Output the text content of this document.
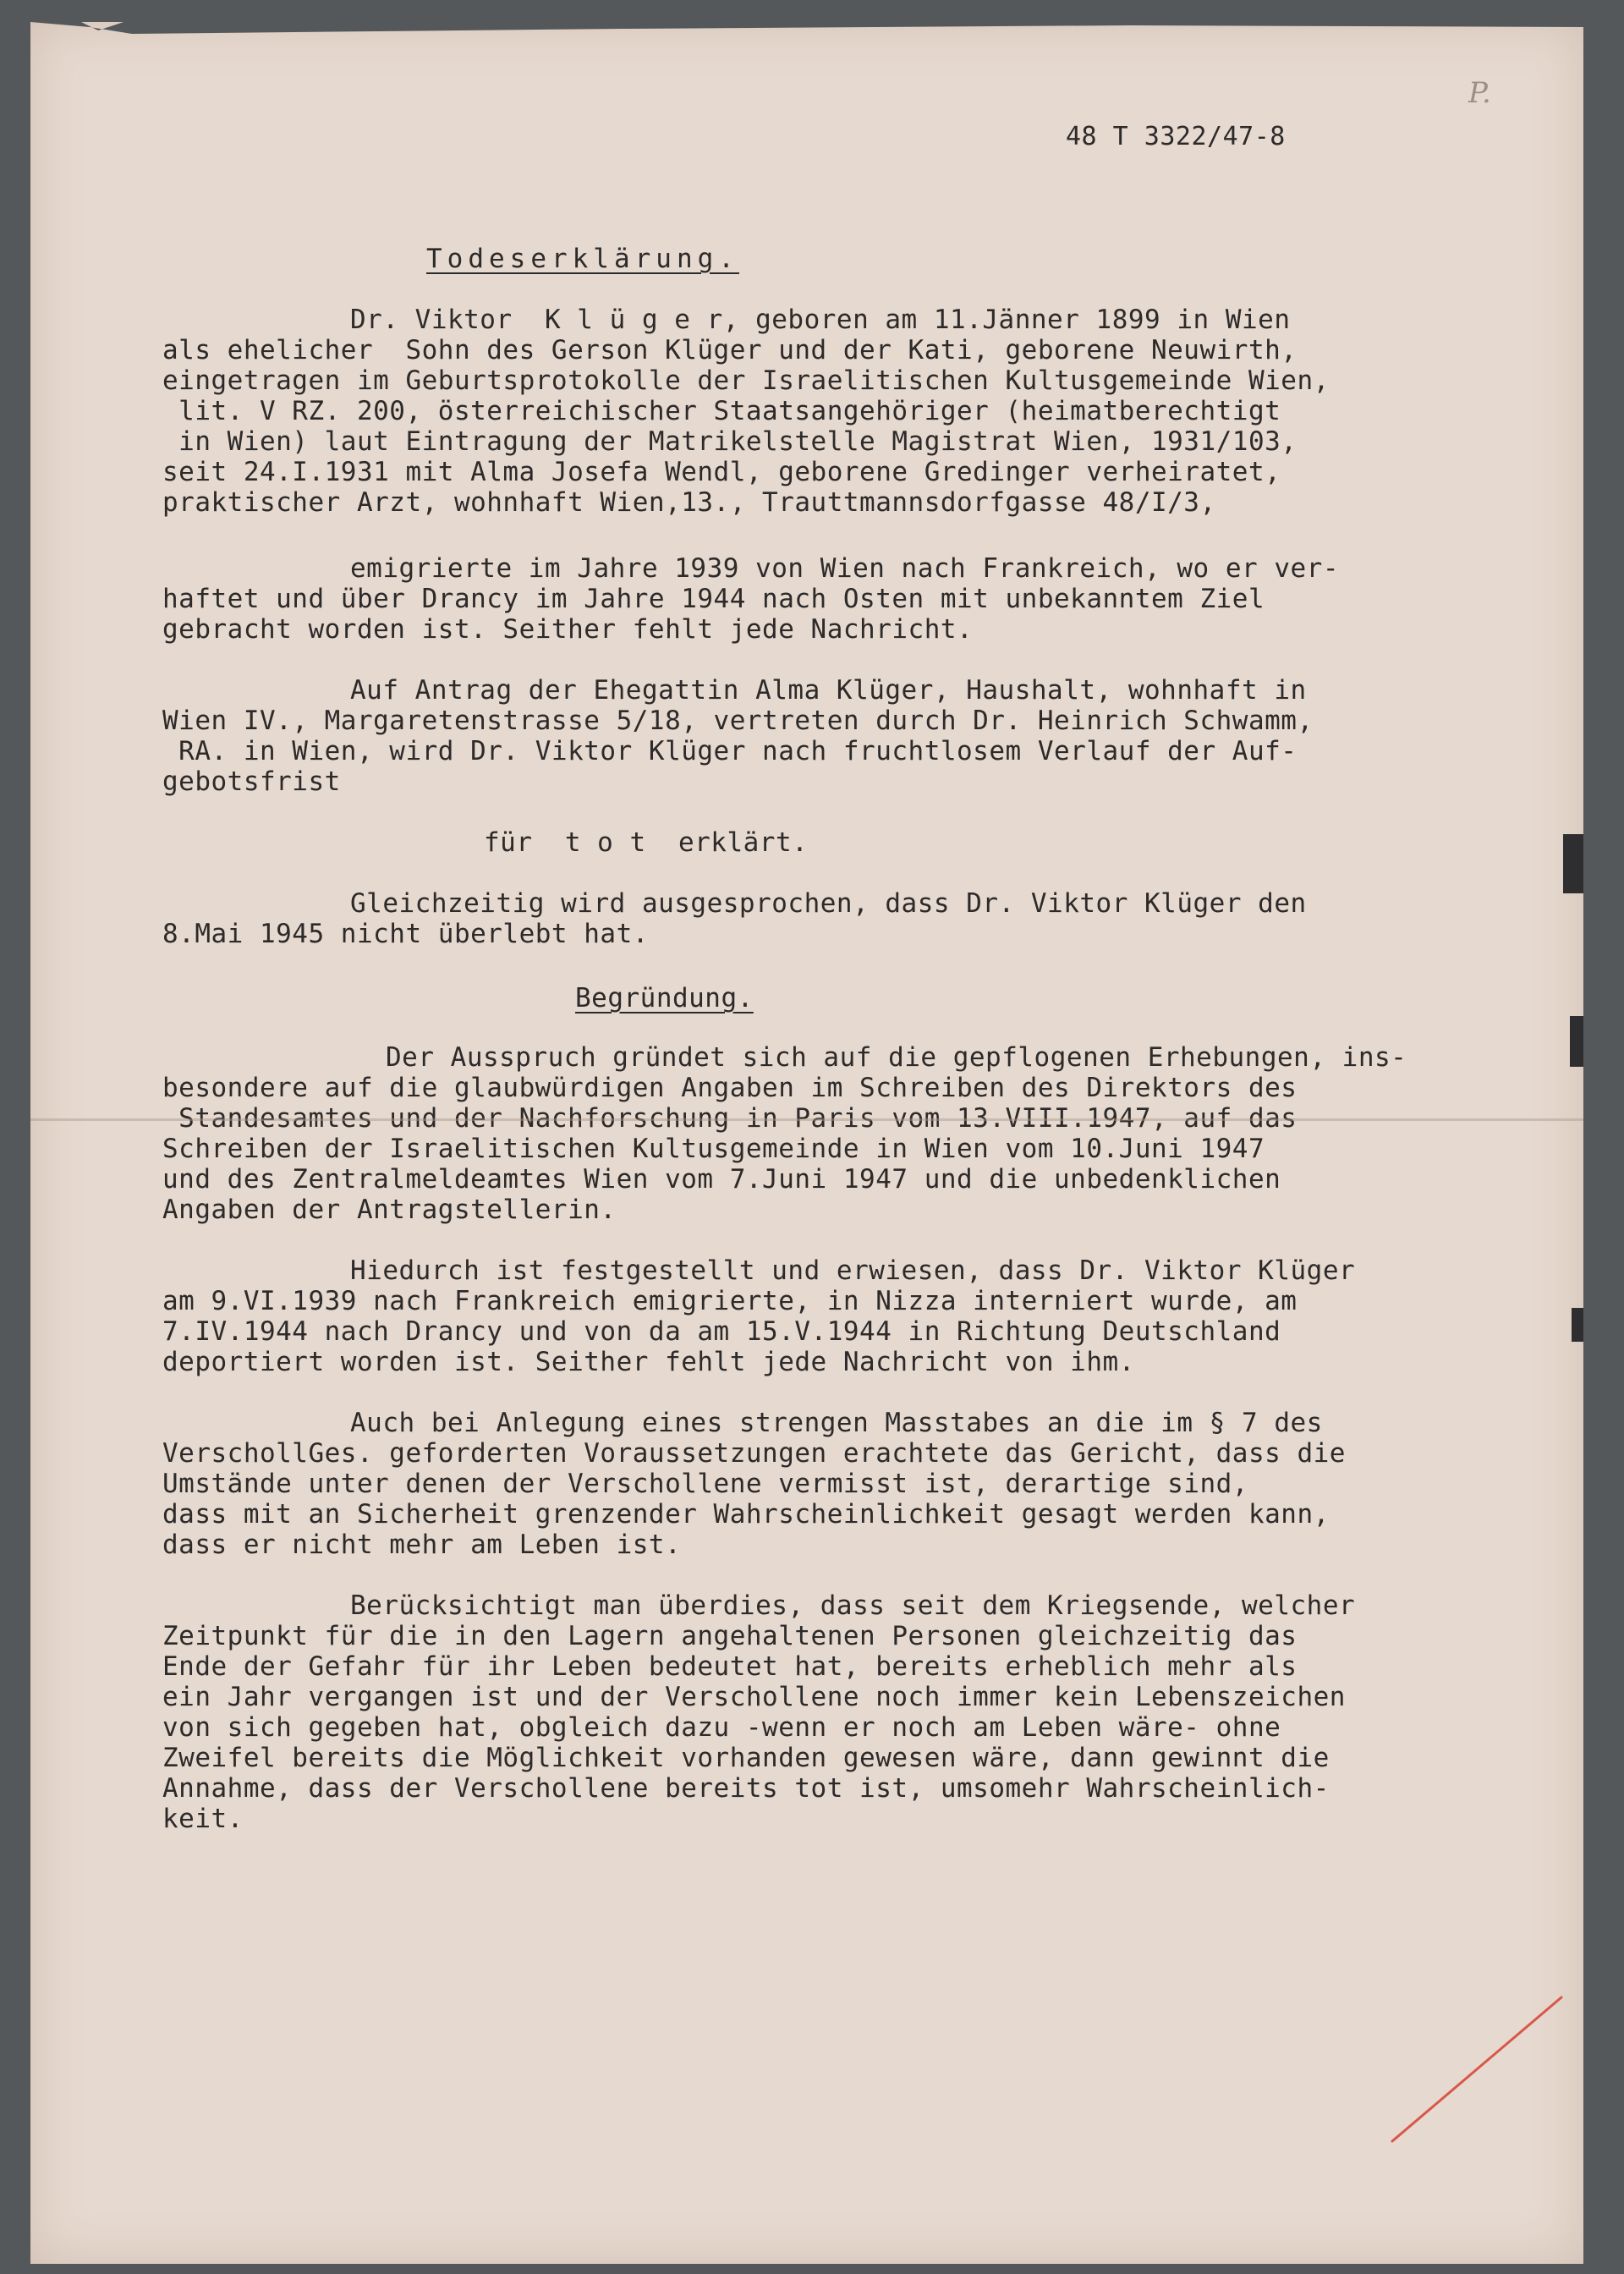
P.
48 T 3322/47-8
Todeserklärung.
Dr. Viktor  K l ü g e r, geboren am 11.Jänner 1899 in Wien
als ehelicher  Sohn des Gerson Klüger und der Kati, geborene Neuwirth,
eingetragen im Geburtsprotokolle der Israelitischen Kultusgemeinde Wien,
lit. V RZ. 200, österreichischer Staatsangehöriger (heimatberechtigt
in Wien) laut Eintragung der Matrikelstelle Magistrat Wien, 1931/103,
seit 24.I.1931 mit Alma Josefa Wendl, geborene Gredinger verheiratet,
praktischer Arzt, wohnhaft Wien,13., Trauttmannsdorfgasse 48/I/3,
emigrierte im Jahre 1939 von Wien nach Frankreich, wo er ver-
haftet und über Drancy im Jahre 1944 nach Osten mit unbekanntem Ziel
gebracht worden ist. Seither fehlt jede Nachricht.
Auf Antrag der Ehegattin Alma Klüger, Haushalt, wohnhaft in
Wien IV., Margaretenstrasse 5/18, vertreten durch Dr. Heinrich Schwamm,
RA. in Wien, wird Dr. Viktor Klüger nach fruchtlosem Verlauf der Auf-
gebotsfrist
für  t o t  erklärt.
Gleichzeitig wird ausgesprochen, dass Dr. Viktor Klüger den
8.Mai 1945 nicht überlebt hat.
Begründung.
Der Ausspruch gründet sich auf die gepflogenen Erhebungen, ins-
besondere auf die glaubwürdigen Angaben im Schreiben des Direktors des
Standesamtes und der Nachforschung in Paris vom 13.VIII.1947, auf das
Schreiben der Israelitischen Kultusgemeinde in Wien vom 10.Juni 1947
und des Zentralmeldeamtes Wien vom 7.Juni 1947 und die unbedenklichen
Angaben der Antragstellerin.
Hiedurch ist festgestellt und erwiesen, dass Dr. Viktor Klüger
am 9.VI.1939 nach Frankreich emigrierte, in Nizza interniert wurde, am
7.IV.1944 nach Drancy und von da am 15.V.1944 in Richtung Deutschland
deportiert worden ist. Seither fehlt jede Nachricht von ihm.
Auch bei Anlegung eines strengen Masstabes an die im § 7 des
VerschollGes. geforderten Voraussetzungen erachtete das Gericht, dass die
Umstände unter denen der Verschollene vermisst ist, derartige sind,
dass mit an Sicherheit grenzender Wahrscheinlichkeit gesagt werden kann,
dass er nicht mehr am Leben ist.
Berücksichtigt man überdies, dass seit dem Kriegsende, welcher
Zeitpunkt für die in den Lagern angehaltenen Personen gleichzeitig das
Ende der Gefahr für ihr Leben bedeutet hat, bereits erheblich mehr als
ein Jahr vergangen ist und der Verschollene noch immer kein Lebenszeichen
von sich gegeben hat, obgleich dazu -wenn er noch am Leben wäre- ohne
Zweifel bereits die Möglichkeit vorhanden gewesen wäre, dann gewinnt die
Annahme, dass der Verschollene bereits tot ist, umsomehr Wahrscheinlich-
keit.
